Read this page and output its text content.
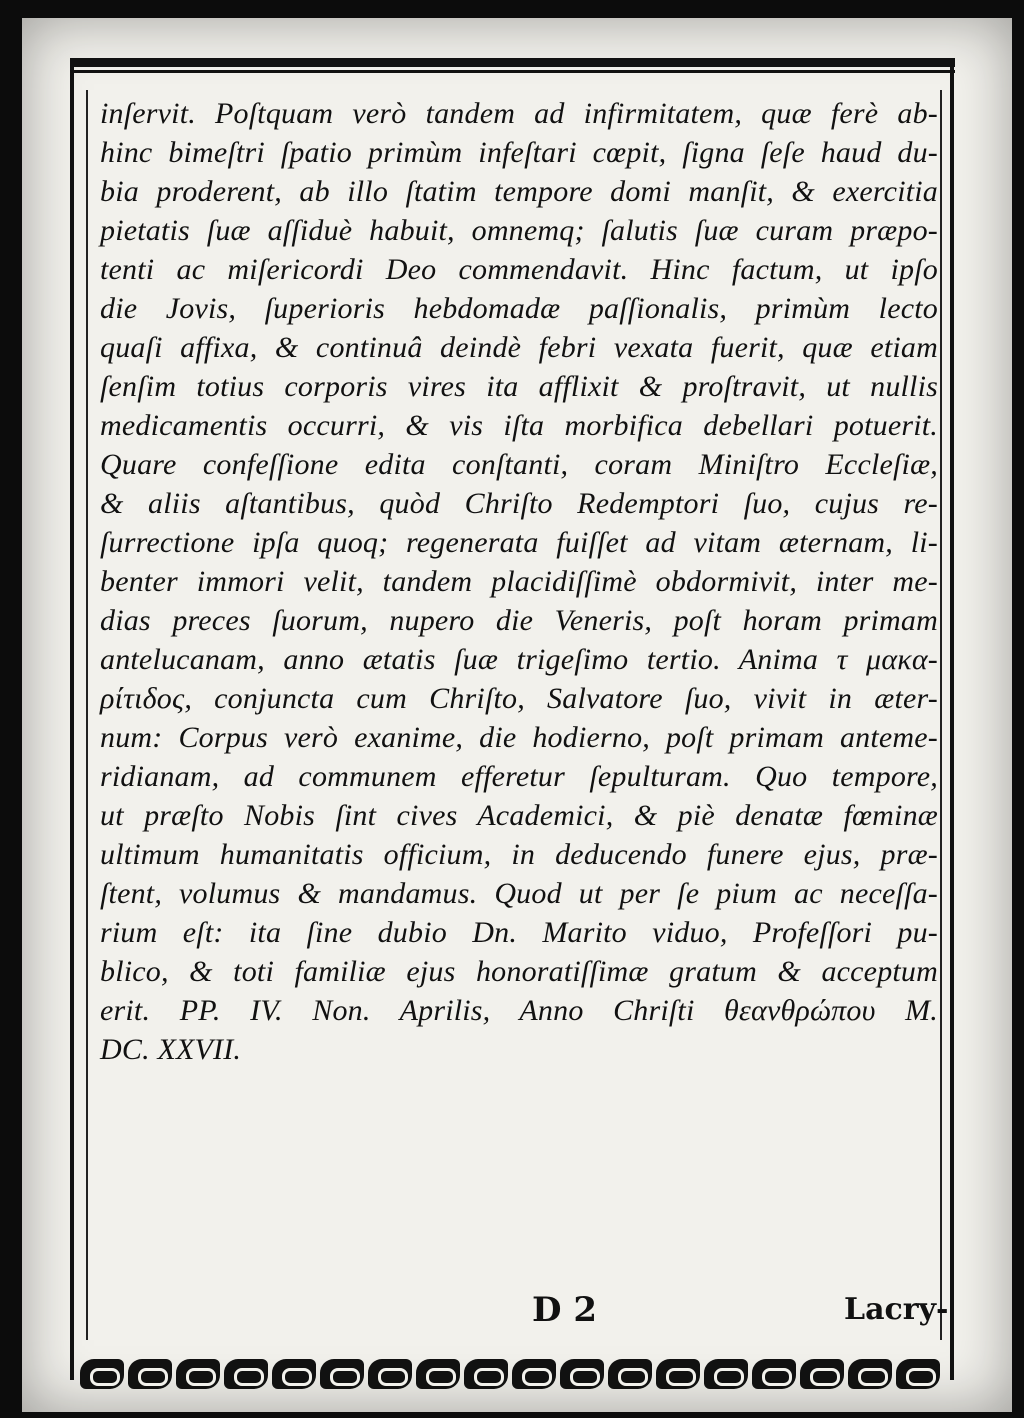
inſervit. Poſtquam verò tandem ad infirmitatem, quæ ferè ab-
hinc bimeſtri ſpatio primùm infeſtari cœpit, ſigna ſeſe haud du-
bia proderent, ab illo ſtatim tempore domi manſit, & exercitia
pietatis ſuæ aſſiduè habuit, omnemq; ſalutis ſuæ curam præpo-
tenti ac miſericordi Deo commendavit. Hinc factum, ut ipſo
die Jovis, ſuperioris hebdomadæ paſſionalis, primùm lecto
quaſi affixa, & continuâ deindè febri vexata fuerit, quæ etiam
ſenſim totius corporis vires ita afflixit & proſtravit, ut nullis
medicamentis occurri, & vis iſta morbifica debellari potuerit.
Quare confeſſione edita conſtanti, coram Miniſtro Eccleſiæ,
& aliis aſtantibus, quòd Chriſto Redemptori ſuo, cujus re-
ſurrectione ipſa quoq; regenerata fuiſſet ad vitam æternam, li-
benter immori velit, tandem placidiſſimè obdormivit, inter me-
dias preces ſuorum, nupero die Veneris, poſt horam primam
antelucanam, anno ætatis ſuæ trigeſimo tertio. Anima τ μακα-
ρίτιδος, conjuncta cum Chriſto, Salvatore ſuo, vivit in æter-
num: Corpus verò exanime, die hodierno, poſt primam anteme-
ridianam, ad communem efferetur ſepulturam. Quo tempore,
ut præſto Nobis ſint cives Academici, & piè denatæ fœminæ
ultimum humanitatis officium, in deducendo funere ejus, præ-
ſtent, volumus & mandamus. Quod ut per ſe pium ac neceſſa-
rium eſt: ita ſine dubio Dn. Marito viduo, Profeſſori pu-
blico, & toti familiæ ejus honoratiſſimæ gratum & acceptum
erit. PP. IV. Non. Aprilis, Anno Chriſti θεανθρώπου M.
DC. XXVII.
D 2	Lacry-
